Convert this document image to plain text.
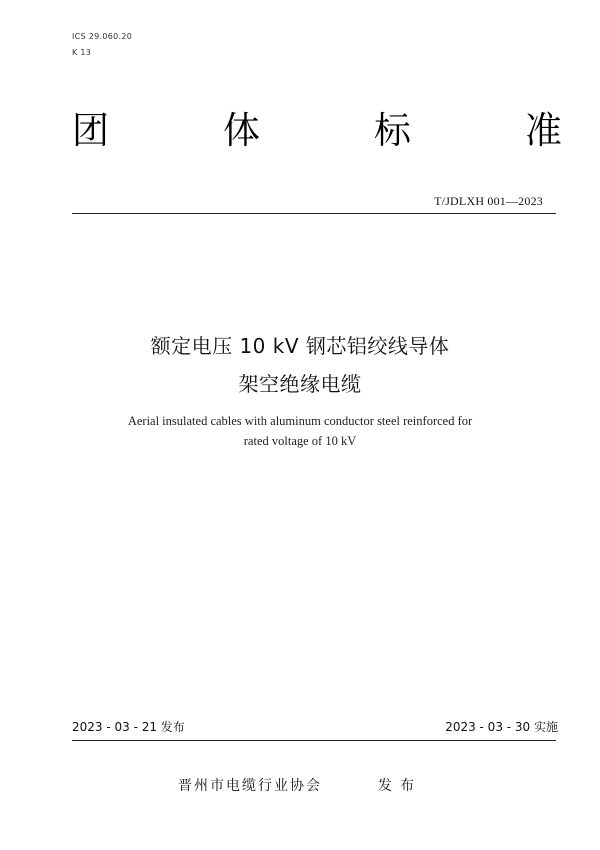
ICS 29.060.20
K 13
团	体	标	准
T/JDLXH 001—2023
额定电压 10 kV 钢芯铝绞线导体
架空绝缘电缆
Aerial insulated cables with aluminum conductor steel reinforced for
rated voltage of 10 kV
2023 - 03 - 21 发布	2023 - 03 - 30 实施
晋州市电缆行业协会	发布
